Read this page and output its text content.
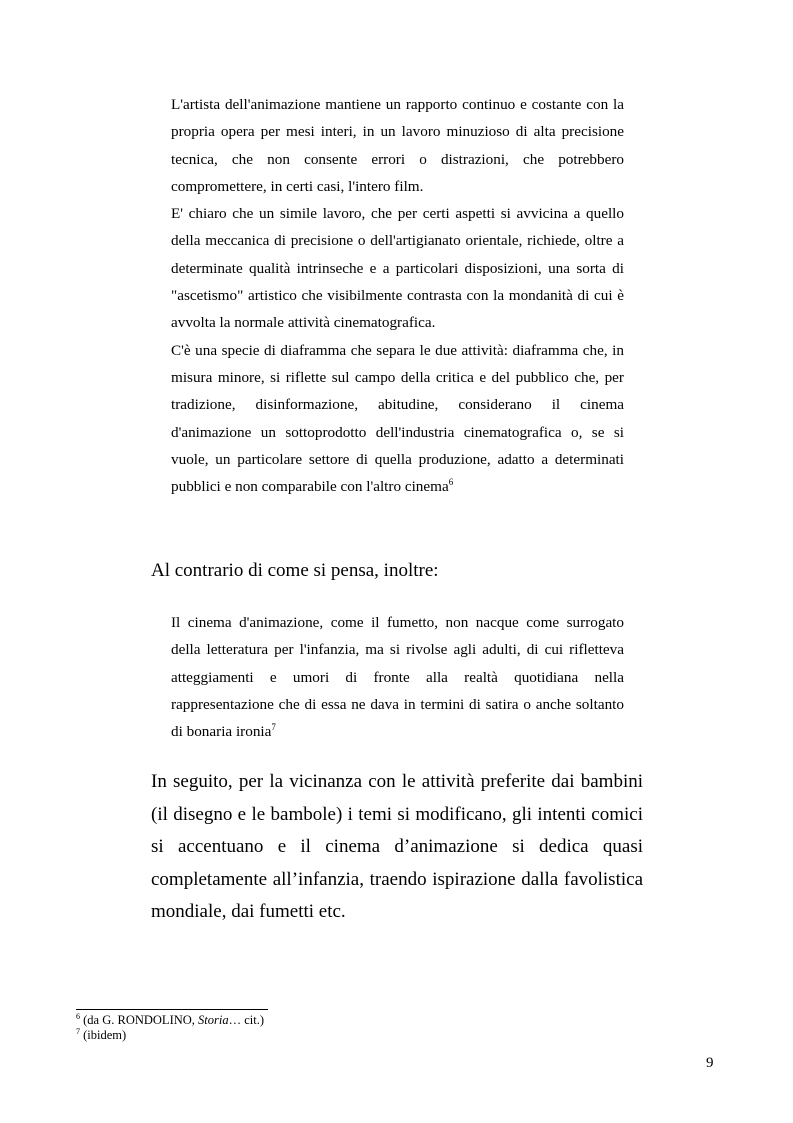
L'artista dell'animazione mantiene un rapporto continuo e costante con la propria opera per mesi interi, in un lavoro minuzioso di alta precisione tecnica, che non consente errori o distrazioni, che potrebbero compromettere, in certi casi, l'intero film.

E' chiaro che un simile lavoro, che per certi aspetti si avvicina a quello della meccanica di precisione o dell'artigianato orientale, richiede, oltre a determinate qualità intrinseche e a particolari disposizioni, una sorta di "ascetismo" artistico che visibilmente contrasta con la mondanità di cui è avvolta la normale attività cinematografica.

C'è una specie di diaframma che separa le due attività: diaframma che, in misura minore, si riflette sul campo della critica e del pubblico che, per tradizione, disinformazione, abitudine, considerano il cinema d'animazione un sottoprodotto dell'industria cinematografica o, se si vuole, un particolare settore di quella produzione, adatto a determinati pubblici e non comparabile con l'altro cinema$^6$

Al contrario di come si pensa, inoltre:

Il cinema d'animazione, come il fumetto, non nacque come surrogato della letteratura per l'infanzia, ma si rivolse agli adulti, di cui rifletteva atteggiamenti e umori di fronte alla realtà quotidiana nella rappresentazione che di essa ne dava in termini di satira o anche soltanto di bonaria ironia$^7$

In seguito, per la vicinanza con le attività preferite dai bambini (il disegno e le bambole) i temi si modificano, gli intenti comici si accentuano e il cinema d’animazione si dedica quasi completamente all’infanzia, traendo ispirazione dalla favolistica mondiale, dai fumetti etc.

$^6$ (da G. RONDOLINO, Storia… cit.)
$^7$ (ibidem)
9
